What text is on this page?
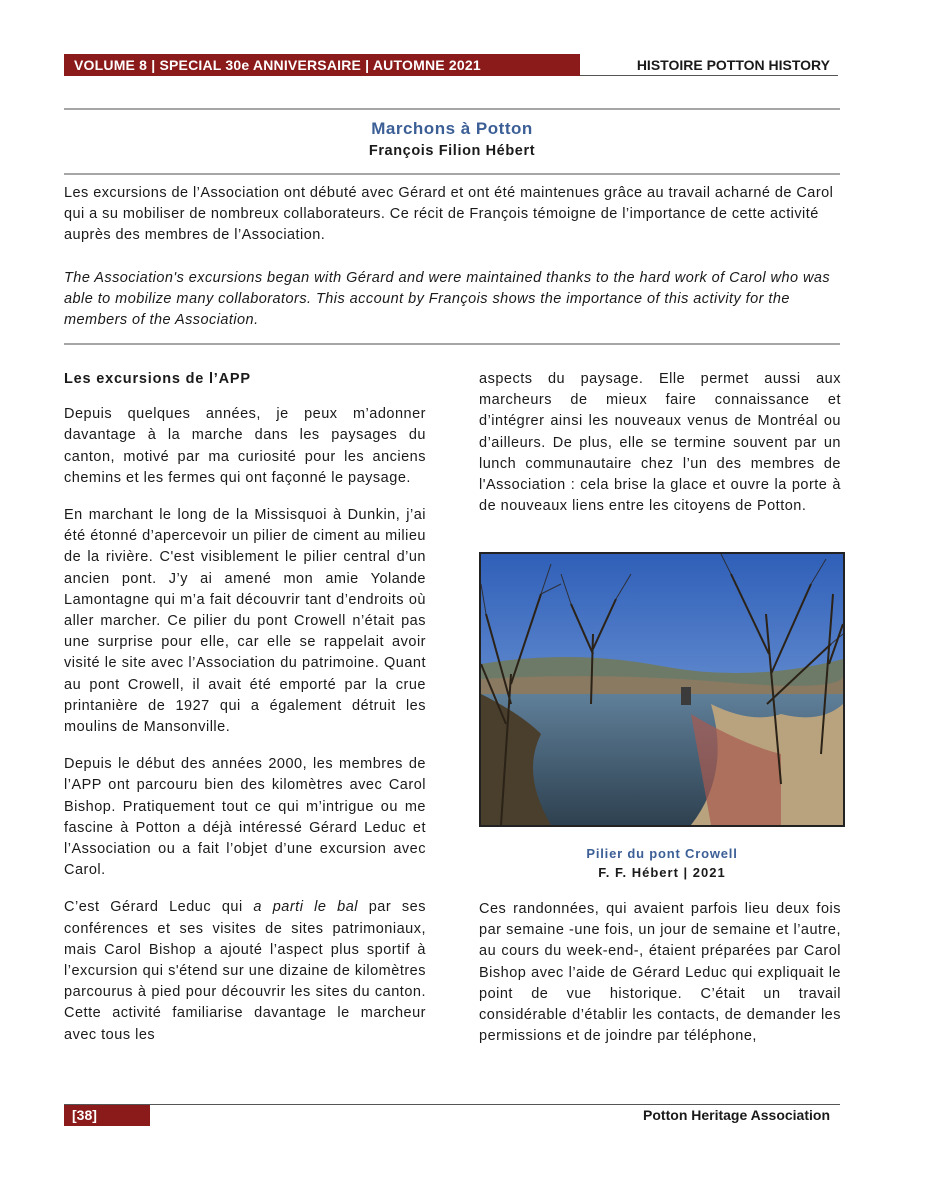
VOLUME 8 | SPECIAL 30e ANNIVERSAIRE | AUTOMNE 2021	HISTOIRE POTTON HISTORY
Marchons à Potton
François Filion Hébert

Les excursions de l’Association ont débuté avec Gérard et ont été maintenues grâce au travail acharné de Carol qui a su mobiliser de nombreux collaborateurs. Ce récit de François témoigne de l’importance de cette activité auprès des membres de l’Association.

The Association's excursions began with Gérard and were maintained thanks to the hard work of Carol who was able to mobilize many collaborators. This account by François shows the importance of this activity for the members of the Association.

Les excursions de l’APP

Depuis quelques années, je peux m’adonner davantage à la marche dans les paysages du canton, motivé par ma curiosité pour les anciens chemins et les fermes qui ont façonné le paysage.

En marchant le long de la Missisquoi à Dunkin, j’ai été étonné d’apercevoir un pilier de ciment au milieu de la rivière. C'est visiblement le pilier central d’un ancien pont. J’y ai amené mon amie Yolande Lamontagne qui m’a fait découvrir tant d’endroits où aller marcher. Ce pilier du pont Crowell n’était pas une surprise pour elle, car elle se rappelait avoir visité le site avec l’Association du patrimoine. Quant au pont Crowell, il avait été emporté par la crue printanière de 1927 qui a également détruit les moulins de Mansonville.

Depuis le début des années 2000, les membres de l’APP ont parcouru bien des kilomètres avec Carol Bishop. Pratiquement tout ce qui m’intrigue ou me fascine à Potton a déjà intéressé Gérard Leduc et l’Association ou a fait l’objet d’une excursion avec Carol.

C’est Gérard Leduc qui a parti le bal par ses conférences et ses visites de sites patrimoniaux, mais Carol Bishop a ajouté l’aspect plus sportif à l’excursion qui s'étend sur une dizaine de kilomètres parcourus à pied pour découvrir les sites du canton. Cette activité familiarise davantage le marcheur avec tous les

aspects du paysage. Elle permet aussi aux marcheurs de mieux faire connaissance et d’intégrer ainsi les nouveaux venus de Montréal ou d’ailleurs. De plus, elle se termine souvent par un lunch communautaire chez l’un des membres de l'Association : cela brise la glace et ouvre la porte à de nouveaux liens entre les citoyens de Potton.

Pilier du pont Crowell
F. F. Hébert | 2021

Ces randonnées, qui avaient parfois lieu deux fois par semaine -une fois, un jour de semaine et l’autre, au cours du week-end-, étaient préparées par Carol Bishop avec l’aide de Gérard Leduc qui expliquait le point de vue historique. C’était un travail considérable d’établir les contacts, de demander les permissions et de joindre par téléphone,

[38]	Potton Heritage Association
